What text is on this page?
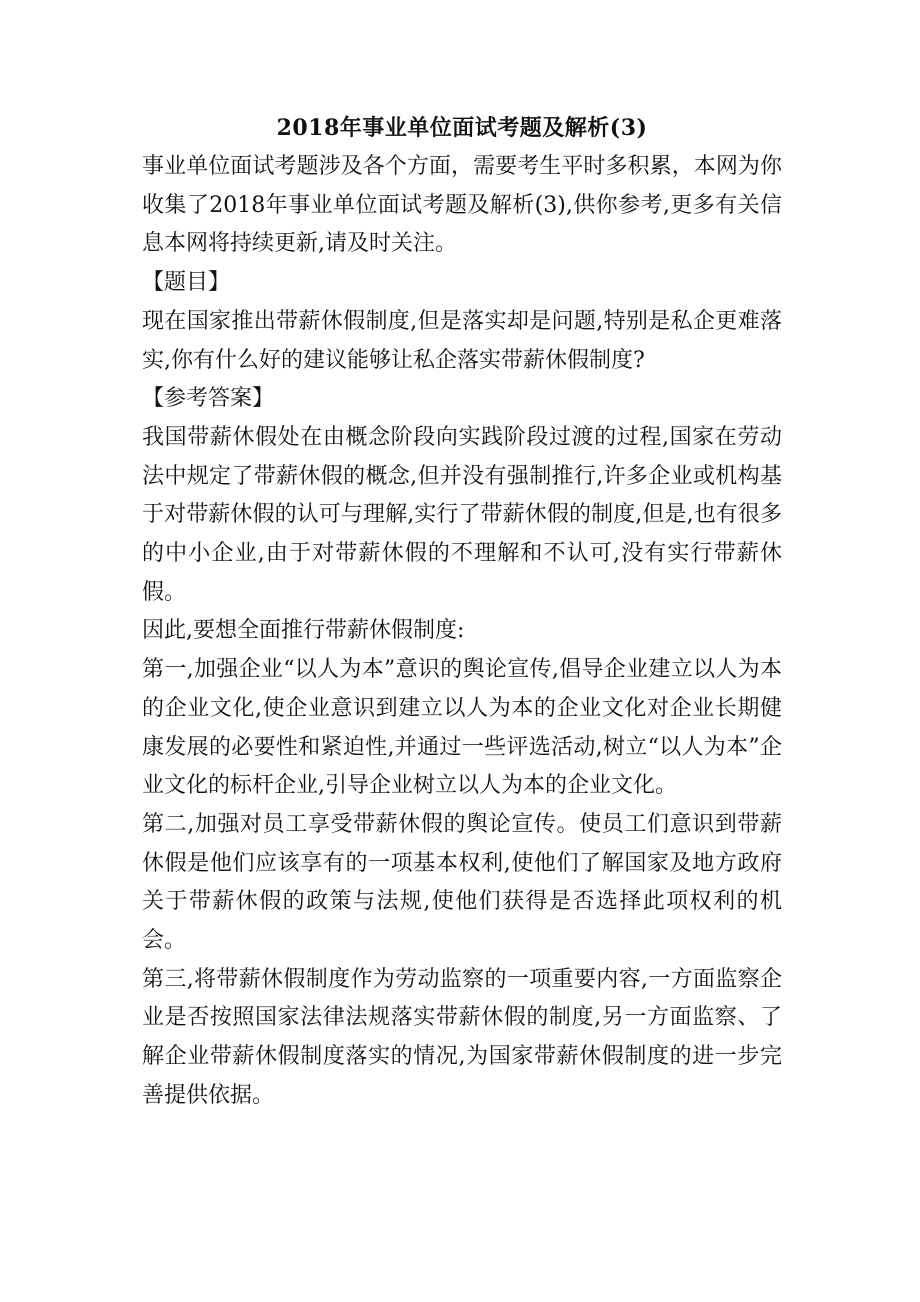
2018年事业单位面试考题及解析(3)

事业单位面试考题涉及各个方面，需要考生平时多积累，本网为你收集了2018年事业单位面试考题及解析(3),供你参考,更多有关信息本网将持续更新,请及时关注。

【题目】

现在国家推出带薪休假制度,但是落实却是问题,特别是私企更难落实,你有什么好的建议能够让私企落实带薪休假制度?

【参考答案】

我国带薪休假处在由概念阶段向实践阶段过渡的过程,国家在劳动法中规定了带薪休假的概念,但并没有强制推行,许多企业或机构基于对带薪休假的认可与理解,实行了带薪休假的制度,但是,也有很多的中小企业,由于对带薪休假的不理解和不认可,没有实行带薪休假。

因此,要想全面推行带薪休假制度:

第一,加强企业“以人为本”意识的舆论宣传,倡导企业建立以人为本的企业文化,使企业意识到建立以人为本的企业文化对企业长期健康发展的必要性和紧迫性,并通过一些评选活动,树立“以人为本”企业文化的标杆企业,引导企业树立以人为本的企业文化。

第二,加强对员工享受带薪休假的舆论宣传。使员工们意识到带薪休假是他们应该享有的一项基本权利,使他们了解国家及地方政府关于带薪休假的政策与法规,使他们获得是否选择此项权利的机会。

第三,将带薪休假制度作为劳动监察的一项重要内容,一方面监察企业是否按照国家法律法规落实带薪休假的制度,另一方面监察、了解企业带薪休假制度落实的情况,为国家带薪休假制度的进一步完善提供依据。
